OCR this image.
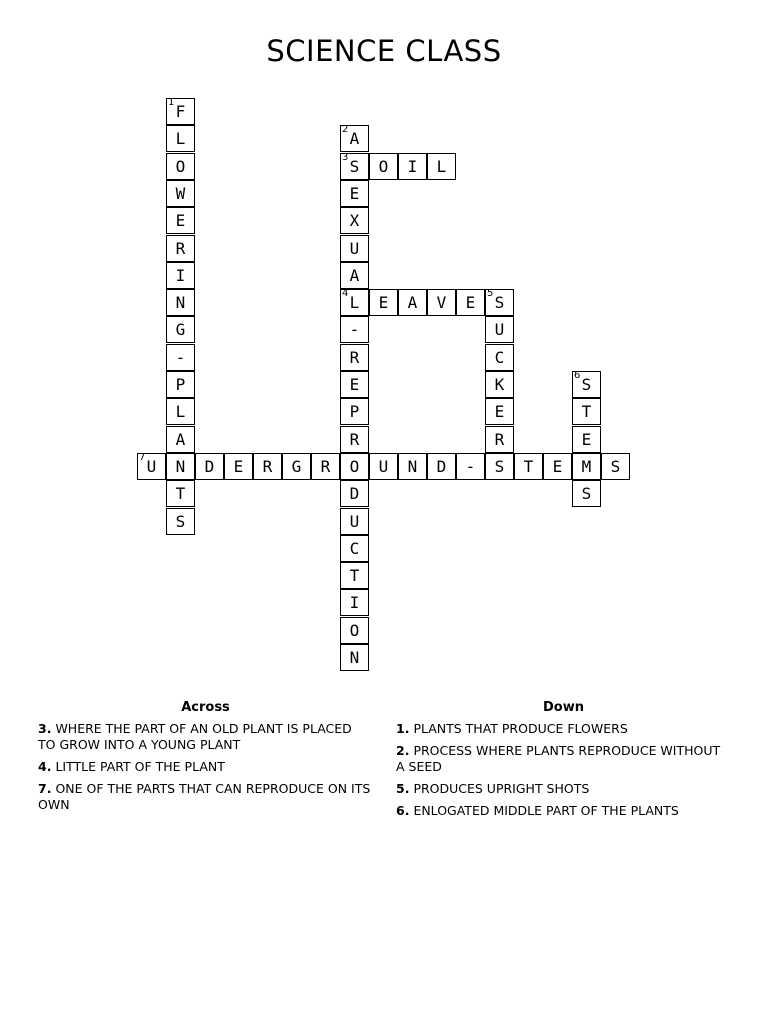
SCIENCE CLASS
1 F
L
O
W
E
R
I
N
G
-
P
L
A
N
T
S
2 A
3 S
E
X
U
A
4 L
-
R
E
P
R
O
D
U
C
T
I
O
N
O	I	L
E	A	V	E	5 S
U
C
K
E
R
S
6 S
T
E
M
S
7 U	D	E	R	G	R	U	N	D	-	T	E	S
Across
3. WHERE THE PART OF AN OLD PLANT IS PLACED TO GROW INTO A YOUNG PLANT
4. LITTLE PART OF THE PLANT
7. ONE OF THE PARTS THAT CAN REPRODUCE ON ITS OWN
Down
1. PLANTS THAT PRODUCE FLOWERS
2. PROCESS WHERE PLANTS REPRODUCE WITHOUT A SEED
5. PRODUCES UPRIGHT SHOTS
6. ENLOGATED MIDDLE PART OF THE PLANTS
